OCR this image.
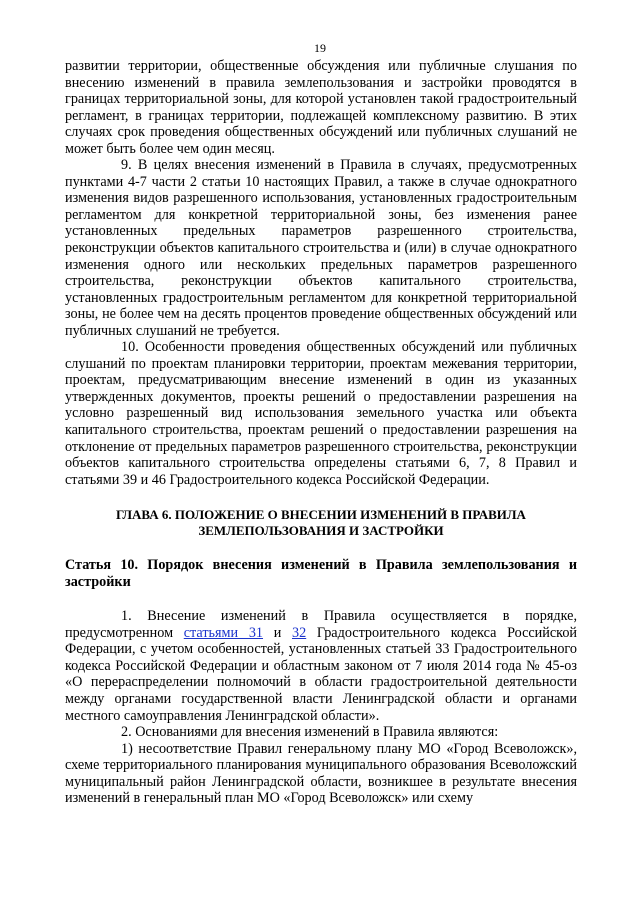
19

развитии территории, общественные обсуждения или публичные слушания по внесению изменений в правила землепользования и застройки проводятся в границах территориальной зоны, для которой установлен такой градостроительный регламент, в границах территории, подлежащей комплексному развитию. В этих случаях срок проведения общественных обсуждений или публичных слушаний не может быть более чем один месяц.

9. В целях внесения изменений в Правила в случаях, предусмотренных пунктами 4-7 части 2 статьи 10 настоящих Правил, а также в случае однократного изменения видов разрешенного использования, установленных градостроительным регламентом для конкретной территориальной зоны, без изменения ранее установленных предельных параметров разрешенного строительства, реконструкции объектов капитального строительства и (или) в случае однократного изменения одного или нескольких предельных параметров разрешенного строительства, реконструкции объектов капитального строительства, установленных градостроительным регламентом для конкретной территориальной зоны, не более чем на десять процентов проведение общественных обсуждений или публичных слушаний не требуется.

10. Особенности проведения общественных обсуждений или публичных слушаний по проектам планировки территории, проектам межевания территории, проектам, предусматривающим внесение изменений в один из указанных утвержденных документов, проекты решений о предоставлении разрешения на условно разрешенный вид использования земельного участка или объекта капитального строительства, проектам решений о предоставлении разрешения на отклонение от предельных параметров разрешенного строительства, реконструкции объектов капитального строительства определены статьями 6, 7, 8 Правил и статьями 39 и 46 Градостроительного кодекса Российской Федерации.

ГЛАВА 6. ПОЛОЖЕНИЕ О ВНЕСЕНИИ ИЗМЕНЕНИЙ В ПРАВИЛА
ЗЕМЛЕПОЛЬЗОВАНИЯ И ЗАСТРОЙКИ

Статья 10. Порядок внесения изменений в Правила землепользования и застройки

1. Внесение изменений в Правила осуществляется в порядке, предусмотренном статьями 31 и 32 Градостроительного кодекса Российской Федерации, с учетом особенностей, установленных статьей 33 Градостроительного кодекса Российской Федерации и областным законом от 7 июля 2014 года № 45-оз «О перераспределении полномочий в области градостроительной деятельности между органами государственной власти Ленинградской области и органами местного самоуправления Ленинградской области».

2. Основаниями для внесения изменений в Правила являются:

1) несоответствие Правил генеральному плану МО «Город Всеволожск», схеме территориального планирования муниципального образования Всеволожский муниципальный район Ленинградской области, возникшее в результате внесения изменений в генеральный план МО «Город Всеволожск» или схему
